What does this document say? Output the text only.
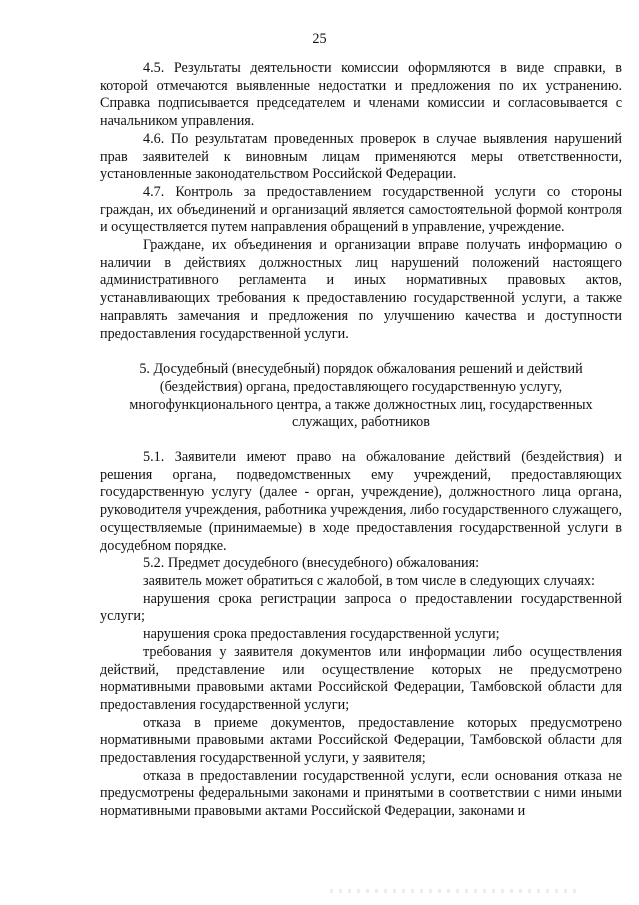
25

4.5. Результаты деятельности комиссии оформляются в виде справки, в которой отмечаются выявленные недостатки и предложения по их устранению. Справка подписывается председателем и членами комиссии и согласовывается с начальником управления.

4.6. По результатам проведенных проверок в случае выявления нарушений прав заявителей к виновным лицам применяются меры ответственности, установленные законодательством Российской Федерации.

4.7. Контроль за предоставлением государственной услуги со стороны граждан, их объединений и организаций является самостоятельной формой контроля и осуществляется путем направления обращений в управление, учреждение.

Граждане, их объединения и организации вправе получать информацию о наличии в действиях должностных лиц нарушений положений настоящего административного регламента и иных нормативных правовых актов, устанавливающих требования к предоставлению государственной услуги, а также направлять замечания и предложения по улучшению качества и доступности предоставления государственной услуги.

5. Досудебный (внесудебный) порядок обжалования решений и действий
(бездействия) органа, предоставляющего государственную услугу,
многофункционального центра, а также должностных лиц, государственных
служащих, работников

5.1. Заявители имеют право на обжалование действий (бездействия) и решения органа, подведомственных ему учреждений, предоставляющих государственную услугу (далее - орган, учреждение), должностного лица органа, руководителя учреждения, работника учреждения, либо государственного служащего, осуществляемые (принимаемые) в ходе предоставления государственной услуги в досудебном порядке.

5.2. Предмет досудебного (внесудебного) обжалования:

заявитель может обратиться с жалобой, в том числе в следующих случаях:

нарушения срока регистрации запроса о предоставлении государственной услуги;

нарушения срока предоставления государственной услуги;

требования у заявителя документов или информации либо осуществления действий, представление или осуществление которых не предусмотрено нормативными правовыми актами Российской Федерации, Тамбовской области для предоставления государственной услуги;

отказа в приеме документов, предоставление которых предусмотрено нормативными правовыми актами Российской Федерации, Тамбовской области для предоставления государственной услуги, у заявителя;

отказа в предоставлении государственной услуги, если основания отказа не предусмотрены федеральными законами и принятыми в соответствии с ними иными нормативными правовыми актами Российской Федерации, законами и
